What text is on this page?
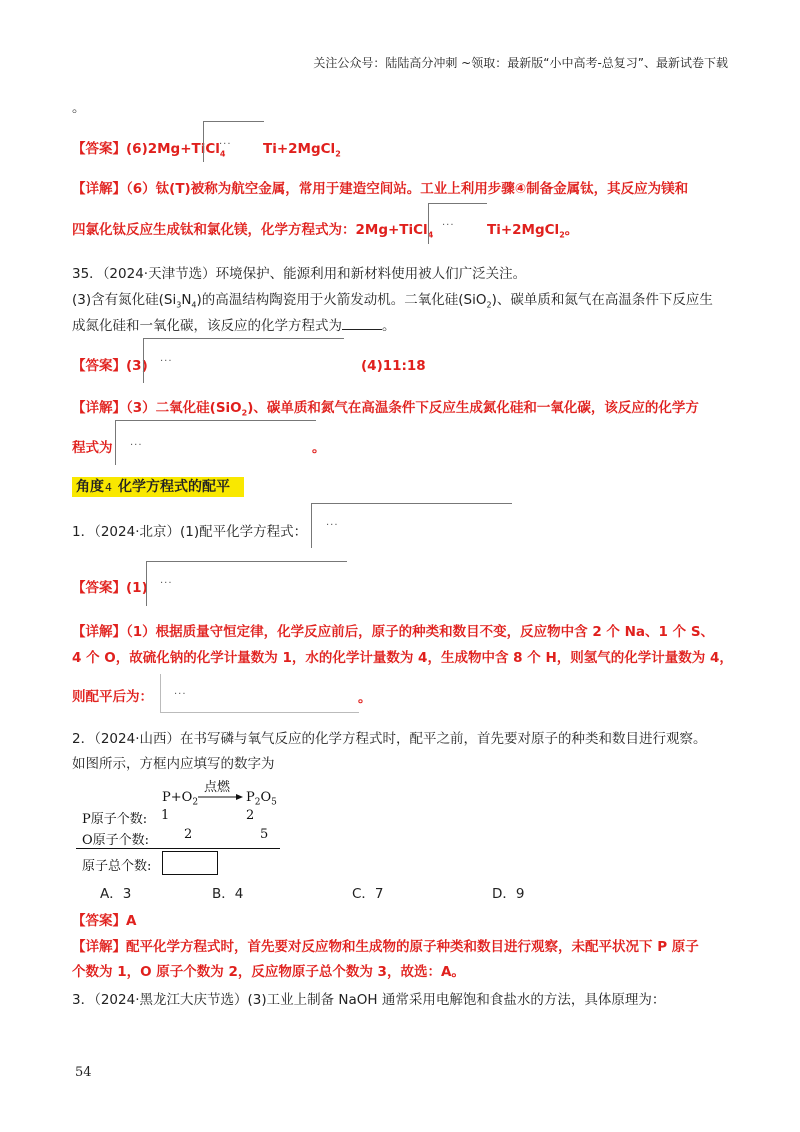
关注公众号：陆陆高分冲刺 ~领取：最新版“小中高考-总复习”、最新试卷下载
。
【答案】(6)2Mg+TiCl$_4$
··· Ti+2MgCl$_2$
【详解】（6）钛(T)被称为航空金属，常用于建造空间站。工业上利用步骤④制备金属钛，其反应为镁和
四氯化钛反应生成钛和氯化镁，化学方程式为：2Mg+TiCl$_4$
··· Ti+2MgCl$_2$。
35．（2024·天津节选）环境保护、能源利用和新材料使用被人们广泛关注。
(3)含有氮化硅$(Si_3N_4)$的高温结构陶瓷用于火箭发动机。二氧化硅(SiO$_2$)、碳单质和氮气在高温条件下反应生
成氮化硅和一氧化碳，该反应的化学方程式为	。
【答案】(3) ···	(4)11:18
【详解】（3）二氧化硅(SiO$_2$)、碳单质和氮气在高温条件下反应生成氮化硅和一氧化碳，该反应的化学方
程式为 ···	。
角度4 化学方程式的配平
1．（2024·北京）(1)配平化学方程式： ···
【答案】(1) ···
【详解】（1）根据质量守恒定律，化学反应前后，原子的种类和数目不变，反应物中含 2 个 Na、1 个 S、
4 个 O，故硫化钠的化学计量数为 1，水的化学计量数为 4，生成物中含 8 个 H，则氢气的化学计量数为 4，
则配平后为： ···	。
2．（2024·山西）在书写磷与氧气反应的化学方程式时，配平之前，首先要对原子的种类和数目进行观察。
如图所示，方框内应填写的数字为
$P+O_2$
点燃
→ $P_2O_5$
P原子个数: 1	2
O原子个数:	2	5
原子总个数:
A．3	B．4	C．7	D．9
【答案】A
【详解】配平化学方程式时，首先要对反应物和生成物的原子种类和数目进行观察，未配平状况下 P 原子
个数为 1，O 原子个数为 2，反应物原子总个数为 3，故选：A。
3．（2024·黑龙江大庆节选）(3)工业上制备 NaOH 通常采用电解饱和食盐水的方法，具体原理为：
54
